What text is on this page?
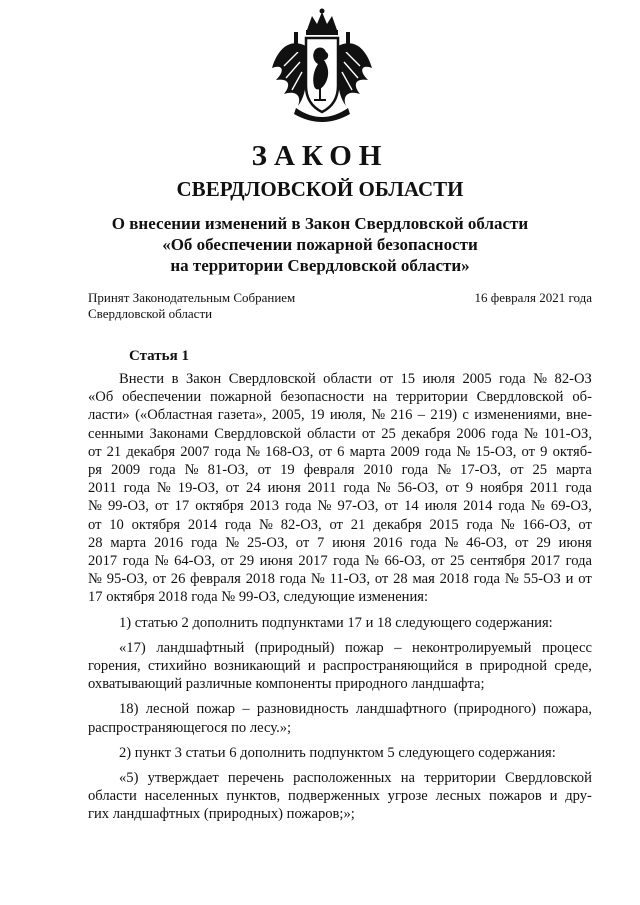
ЗАКОН
СВЕРДЛОВСКОЙ ОБЛАСТИ
О внесении изменений в Закон Свердловской области
«Об обеспечении пожарной безопасности
на территории Свердловской области»
Принят Законодательным Собранием
Свердловской области
16 февраля 2021 года
Статья 1
Внести в Закон Свердловской области от 15 июля 2005 года № 82-ОЗ
«Об обеспечении пожарной безопасности на территории Свердловской об-
ласти» («Областная газета», 2005, 19 июля, № 216 – 219) с изменениями, вне-
сенными Законами Свердловской области от 25 декабря 2006 года № 101-ОЗ,
от 21 декабря 2007 года № 168-ОЗ, от 6 марта 2009 года № 15-ОЗ, от 9 октяб-
ря 2009 года № 81-ОЗ, от 19 февраля 2010 года № 17-ОЗ, от 25 марта
2011 года № 19-ОЗ, от 24 июня 2011 года № 56-ОЗ, от 9 ноября 2011 года
№ 99-ОЗ, от 17 октября 2013 года № 97-ОЗ, от 14 июля 2014 года № 69-ОЗ,
от 10 октября 2014 года № 82-ОЗ, от 21 декабря 2015 года № 166-ОЗ, от
28 марта 2016 года № 25-ОЗ, от 7 июня 2016 года № 46-ОЗ, от 29 июня
2017 года № 64-ОЗ, от 29 июня 2017 года № 66-ОЗ, от 25 сентября 2017 года
№ 95-ОЗ, от 26 февраля 2018 года № 11-ОЗ, от 28 мая 2018 года № 55-ОЗ и от
17 октября 2018 года № 99-ОЗ, следующие изменения:
1) статью 2 дополнить подпунктами 17 и 18 следующего содержания:
«17) ландшафтный (природный) пожар – неконтролируемый процесс
горения, стихийно возникающий и распространяющийся в природной среде,
охватывающий различные компоненты природного ландшафта;
18) лесной пожар – разновидность ландшафтного (природного) пожара,
распространяющегося по лесу.»;
2) пункт 3 статьи 6 дополнить подпунктом 5 следующего содержания:
«5) утверждает перечень расположенных на территории Свердловской
области населенных пунктов, подверженных угрозе лесных пожаров и дру-
гих ландшафтных (природных) пожаров;»;
